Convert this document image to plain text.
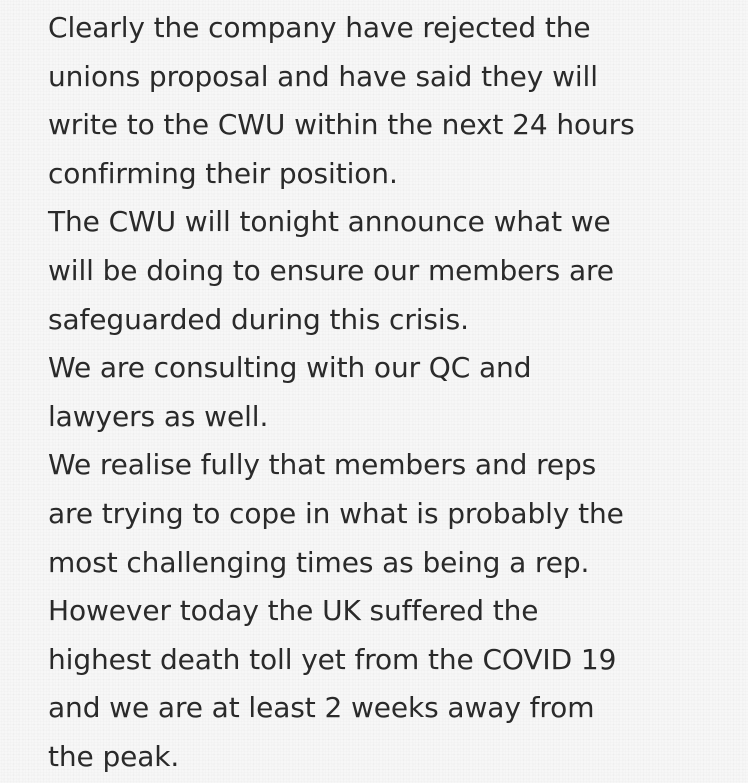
Clearly the company have rejected the
unions proposal and have said they will
write to the CWU within the next 24 hours
confirming their position.
The CWU will tonight announce what we
will be doing to ensure our members are
safeguarded during this crisis.
We are consulting with our QC and
lawyers as well.
We realise fully that members and reps
are trying to cope in what is probably the
most challenging times as being a rep.
However today the UK suffered the
highest death toll yet from the COVID 19
and we are at least 2 weeks away from
the peak.
